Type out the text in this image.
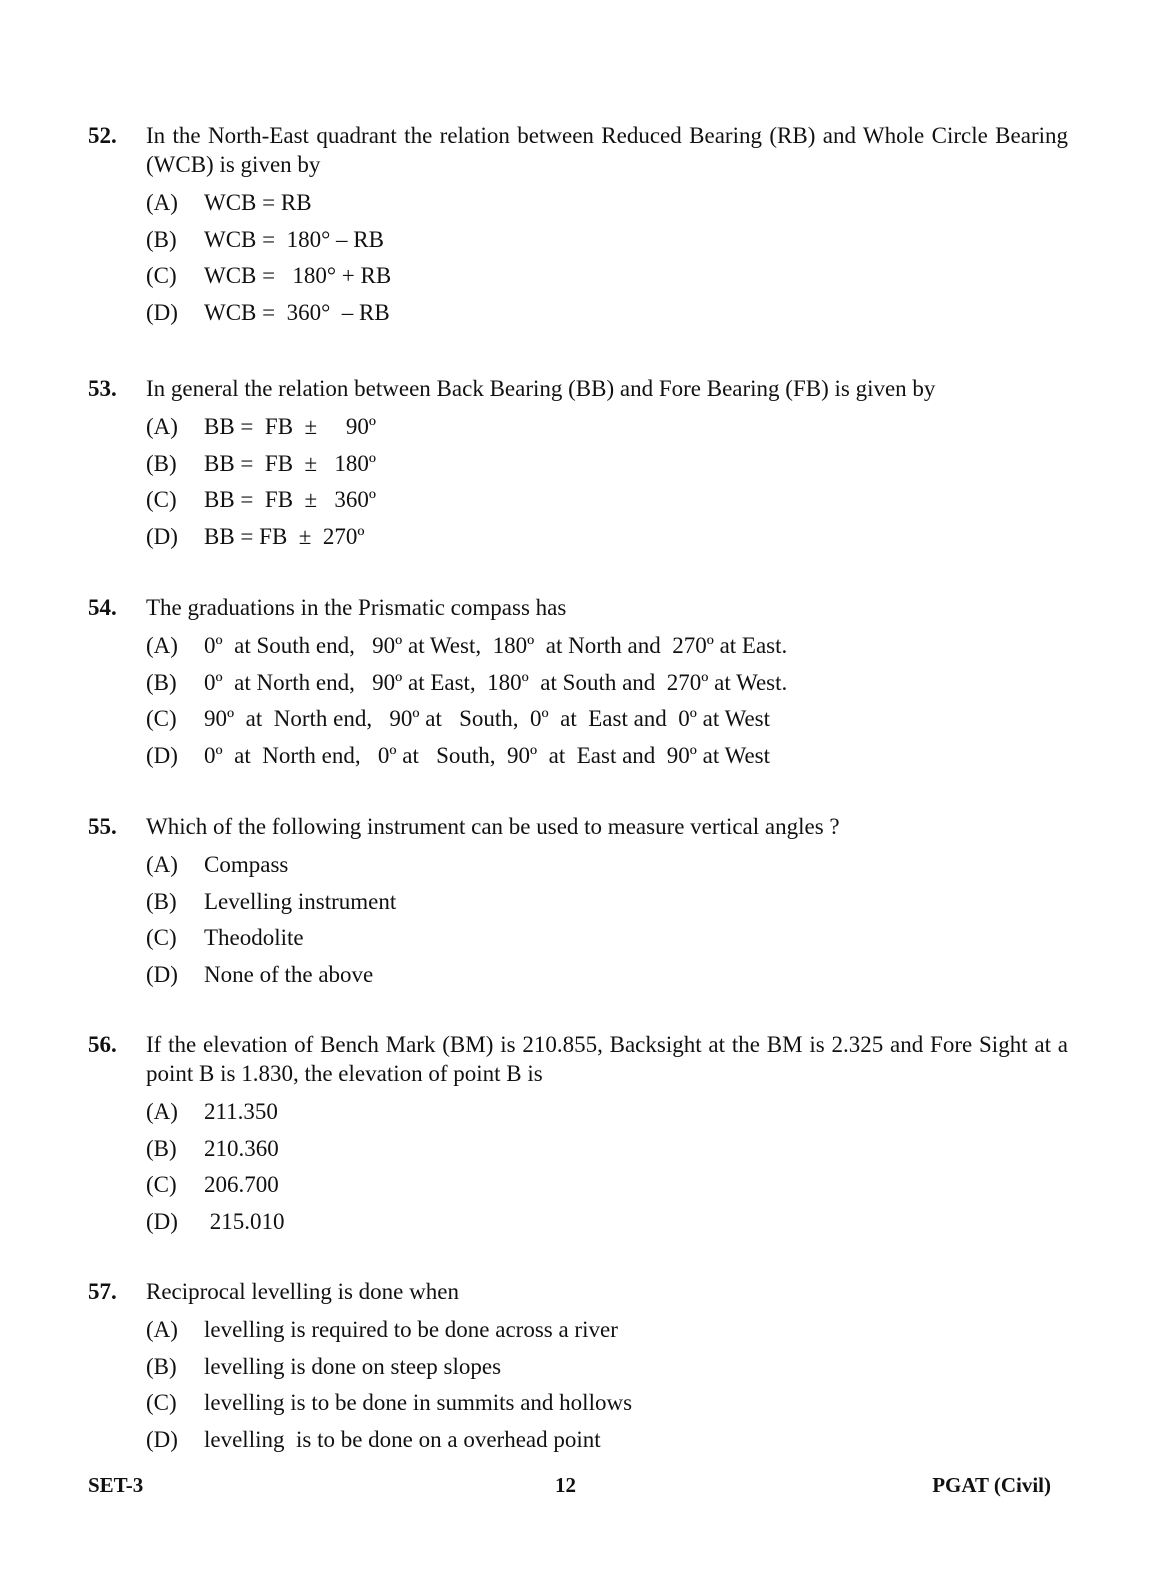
52. In the North-East quadrant the relation between Reduced Bearing (RB) and Whole Circle Bearing (WCB) is given by
(A)	WCB = RB
(B)	WCB =  180° – RB
(C)	WCB =   180° + RB
(D)	WCB =  360°  – RB
53. In general the relation between Back Bearing (BB) and Fore Bearing (FB) is given by
(A)	BB =  FB  ±     90º
(B)	BB =  FB  ±   180º
(C)	BB =  FB  ±   360º
(D)	BB = FB  ±  270º
54. The graduations in the Prismatic compass has
(A)	0º  at South end,   90º at West,  180º  at North and  270º at East.
(B)	0º  at North end,   90º at East,  180º  at South and  270º at West.
(C)	90º  at  North end,   90º at   South,  0º  at  East and  0º at West
(D)	0º  at  North end,   0º at   South,  90º  at  East and  90º at West
55. Which of the following instrument can be used to measure vertical angles ?
(A)	Compass
(B)	Levelling instrument
(C)	Theodolite
(D)	None of the above
56. If the elevation of Bench Mark (BM) is 210.855, Backsight at the BM is 2.325 and Fore Sight at a point B is 1.830, the elevation of point B is
(A)	211.350
(B)	210.360
(C)	206.700
(D)	215.010
57. Reciprocal levelling is done when
(A)	levelling is required to be done across a river
(B)	levelling is done on steep slopes
(C)	levelling is to be done in summits and hollows
(D)	levelling  is to be done on a overhead point
SET-3	12	PGAT (Civil)
